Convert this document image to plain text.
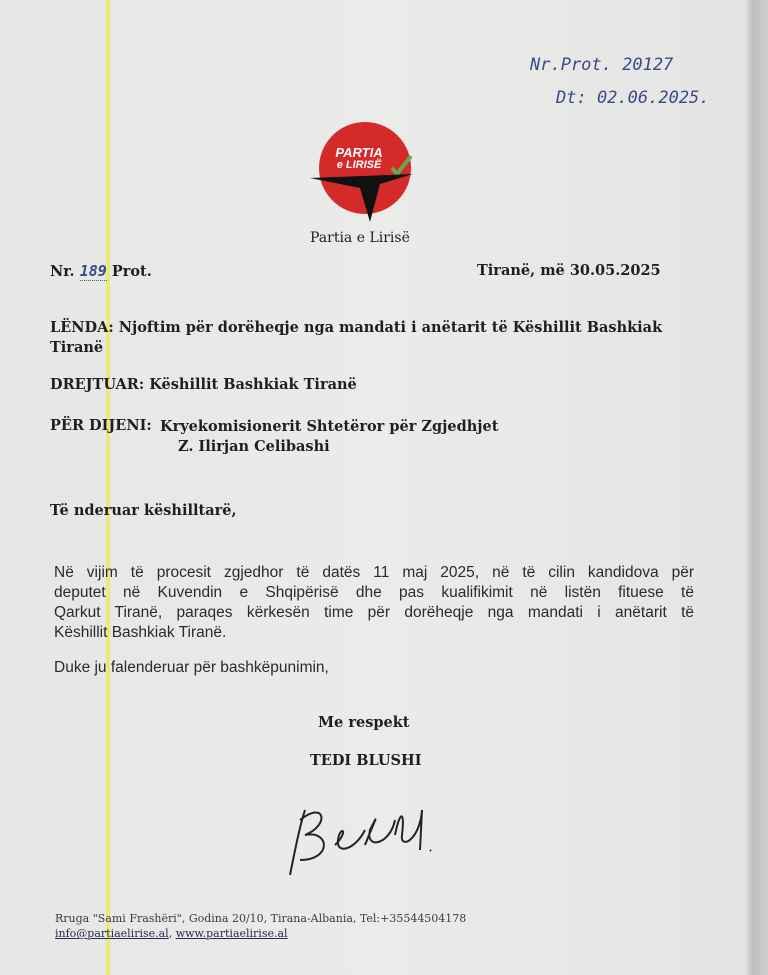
Nr.Prot. 20127
Dt: 02.06.2025.
PARTIA
e LIRISË
Partia e Lirisë
Nr. 189 Prot.	Tiranë, më 30.05.2025
LËNDA: Njoftim për dorëheqje nga mandati i anëtarit të Këshillit Bashkiak
Tiranë
DREJTUAR: Këshillit Bashkiak Tiranë
PËR DIJENI: Kryekomisionerit Shtetëror për Zgjedhjet
Z. Ilirjan Celibashi
Të nderuar këshilltarë,
Në vijim të procesit zgjedhor të datës 11 maj 2025, në të cilin kandidova për
deputet në Kuvendin e Shqipërisë dhe pas kualifikimit në listën fituese të
Qarkut Tiranë, paraqes kërkesën time për dorëheqje nga mandati i anëtarit të
Këshillit Bashkiak Tiranë.
Duke ju falenderuar për bashkëpunimin,
Me respekt
TEDI BLUSHI
Rruga "Sami Frashëri", Godina 20/10, Tirana-Albania, Tel:+35544504178
info@partiaelirise.al, www.partiaelirise.al
